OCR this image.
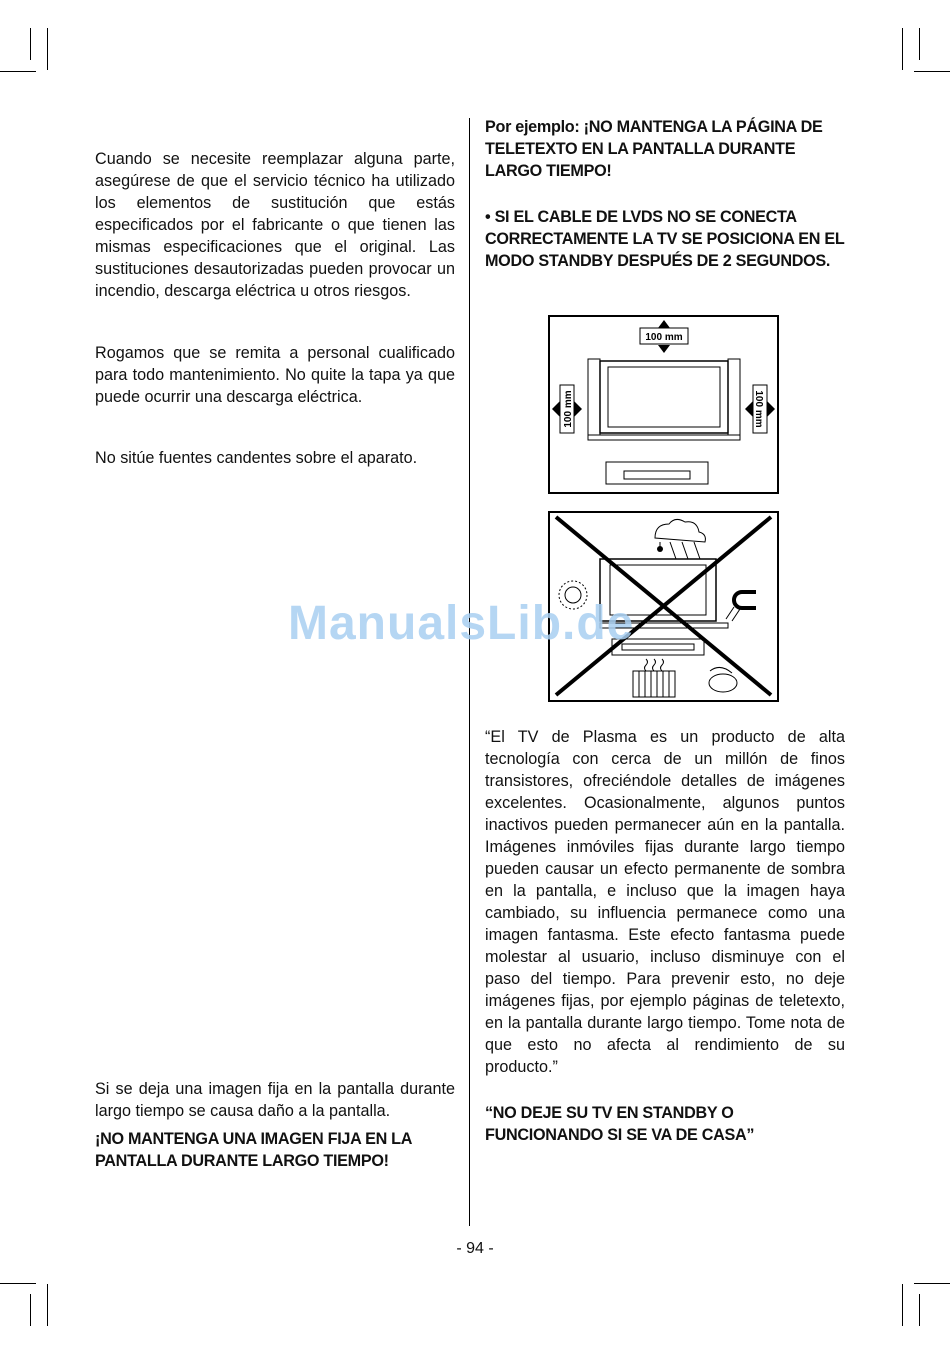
Cuando se necesite reemplazar alguna parte, asegúrese de que el servicio técnico ha utilizado los elementos de sustitución que estás especificados por el fabricante o que tienen las mismas especificaciones que el original. Las sustituciones desautorizadas pueden provocar un incendio, descarga eléctrica u otros riesgos.

Rogamos que se remita a personal cualificado para todo mantenimiento. No quite la tapa ya que puede ocurrir una descarga eléctrica.

No sitúe fuentes candentes sobre el aparato.

Si se deja una imagen fija en la pantalla durante largo tiempo se causa daño a la pantalla.

¡NO MANTENGA UNA IMAGEN FIJA EN LA PANTALLA DURANTE LARGO TIEMPO!

Por ejemplo: ¡NO MANTENGA LA PÁGINA DE TELETEXTO EN LA PANTALLA DURANTE LARGO TIEMPO!

• SI EL CABLE DE LVDS NO SE CONECTA CORRECTAMENTE LA TV SE POSICIONA EN EL MODO STANDBY DESPUÉS DE 2 SEGUNDOS.

100 mm
100 mm	100 mm

“El TV de Plasma es un producto de alta tecnología con cerca de un millón de finos transistores, ofreciéndole detalles de imágenes excelentes. Ocasionalmente, algunos puntos inactivos pueden permanecer aún en la pantalla. Imágenes inmóviles fijas durante largo tiempo pueden causar un efecto permanente de sombra en la pantalla, e incluso que la imagen haya cambiado, su influencia permanece como una imagen fantasma. Este efecto fantasma puede molestar al usuario, incluso disminuye con el paso del tiempo. Para prevenir esto, no deje imágenes fijas, por ejemplo páginas de teletexto, en la pantalla durante largo tiempo. Tome nota de que esto no afecta al rendimiento de su producto.”

“NO DEJE SU TV EN STANDBY O FUNCIONANDO SI SE VA DE CASA”

ManualsLib.de
- 94 -
